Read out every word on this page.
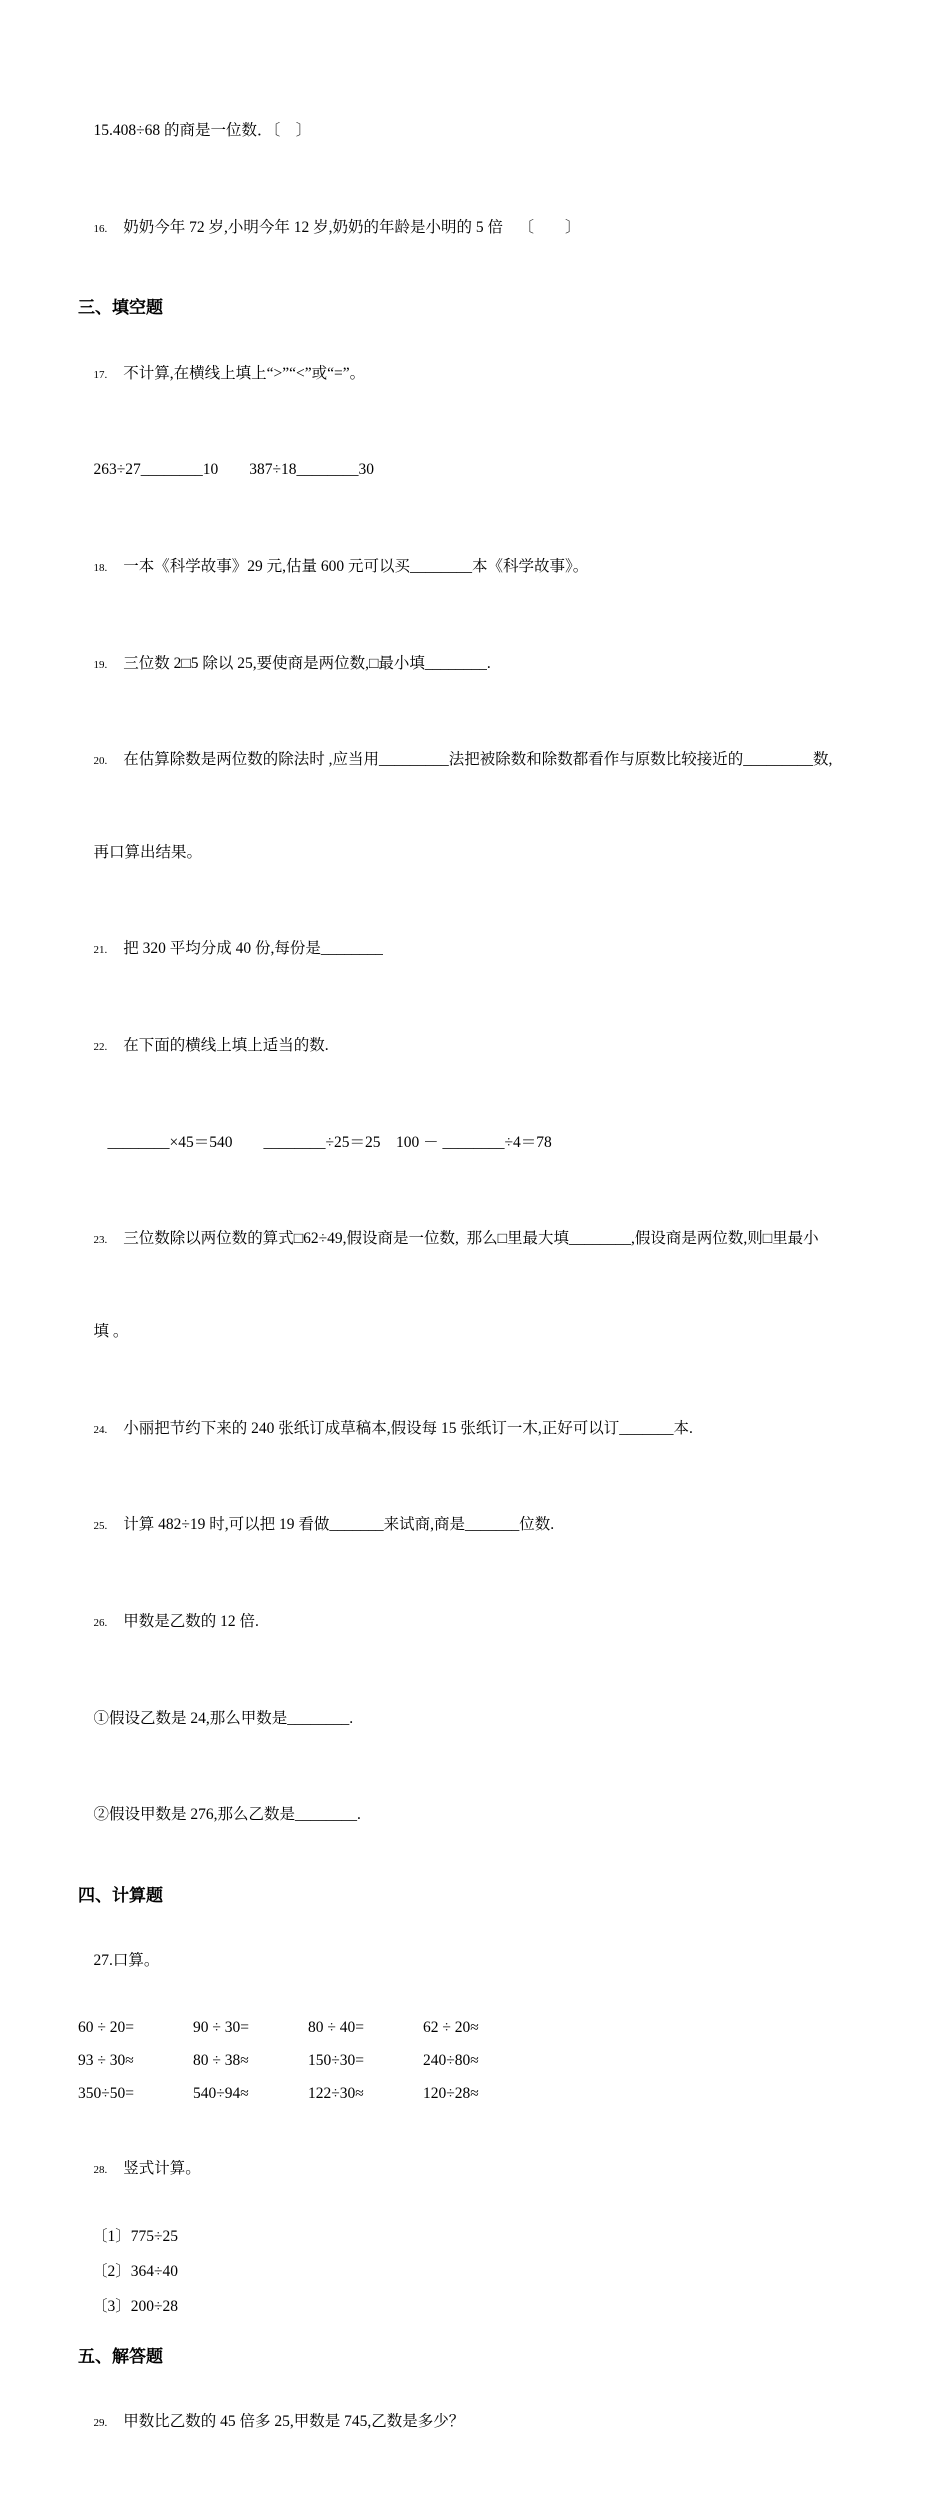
15.408÷68 的商是一位数．〔    〕

16. 奶奶今年 72 岁,小明今年 12 岁,奶奶的年龄是小明的 5 倍    〔        〕

三、填空题

17. 不计算,在横线上填上“>”“<”或“=”。

263÷27________10        387÷18________30

18. 一本《科学故事》29 元,估量 600 元可以买________本《科学故事》。

19. 三位数 2□5 除以 25,要使商是两位数,□最小填________.

20. 在估算除数是两位数的除法时 ,应当用_________法把被除数和除数都看作与原数比较接近的_________数,

再口算出结果。

21. 把 320 平均分成 40 份,每份是________

22. 在下面的横线上填上适当的数.

________×45＝540        ________÷25＝25    100 － ________÷4＝78

23. 三位数除以两位数的算式□62÷49,假设商是一位数,  那么□里最大填________,假设商是两位数,则□里最小

填 。

24. 小丽把节约下来的 240 张纸订成草稿本,假设每 15 张纸订一木,正好可以订_______本.

25. 计算 482÷19 时,可以把 19 看做_______来试商,商是_______位数.

26. 甲数是乙数的 12 倍.

①假设乙数是 24,那么甲数是________.

②假设甲数是 276,那么乙数是________.

四、计算题

27.口算。

60 ÷ 20=	90 ÷ 30=	80 ÷ 40=	62 ÷ 20≈
93 ÷ 30≈	80 ÷ 38≈	150÷30=	240÷80≈
350÷50=	540÷94≈	122÷30≈	120÷28≈

28. 竖式计算。

〔1〕775÷25
〔2〕364÷40
〔3〕200÷28
五、解答题

29. 甲数比乙数的 45 倍多 25,甲数是 745,乙数是多少？
